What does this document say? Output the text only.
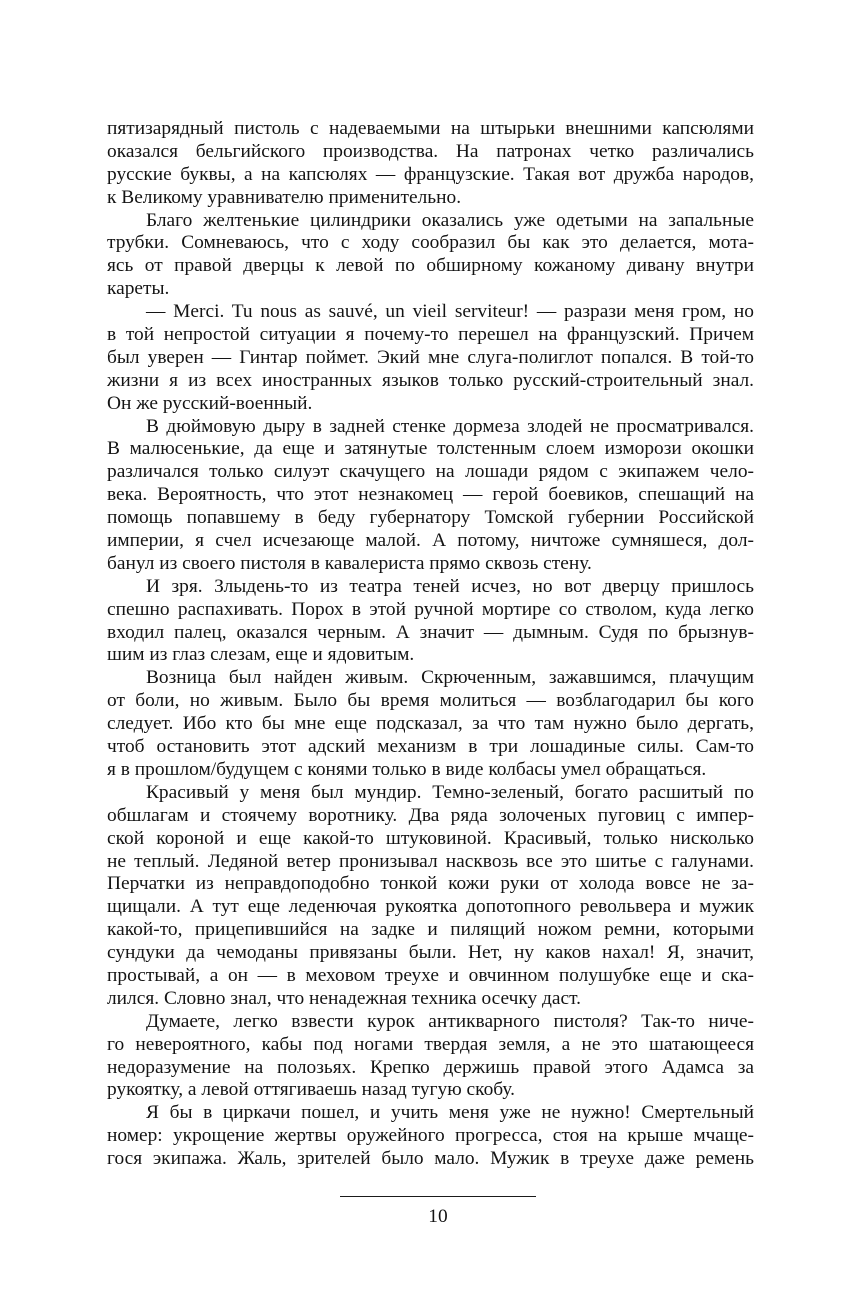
пятизарядный пистоль с надеваемыми на штырьки внешними капсюлями
оказался бельгийского производства. На патронах четко различались
русские буквы, а на капсюлях — французские. Такая вот дружба народов,
к Великому уравнивателю применительно.
Благо желтенькие цилиндрики оказались уже одетыми на запальные
трубки. Сомневаюсь, что с ходу сообразил бы как это делается, мота-
ясь от правой дверцы к левой по обширному кожаному дивану внутри
кареты.
— Merci. Tu nous as sauvé, un vieil serviteur! — разрази меня гром, но
в той непростой ситуации я почему-то перешел на французский. Причем
был уверен — Гинтар поймет. Экий мне слуга-полиглот попался. В той-то
жизни я из всех иностранных языков только русский-строительный знал.
Он же русский-военный.
В дюймовую дыру в задней стенке дормеза злодей не просматривался.
В малюсенькие, да еще и затянутые толстенным слоем изморози окошки
различался только силуэт скачущего на лошади рядом с экипажем чело-
века. Вероятность, что этот незнакомец — герой боевиков, спешащий на
помощь попавшему в беду губернатору Томской губернии Российской
империи, я счел исчезающе малой. А потому, ничтоже сумняшеся, дол-
банул из своего пистоля в кавалериста прямо сквозь стену.
И зря. Злыдень-то из театра теней исчез, но вот дверцу пришлось
спешно распахивать. Порох в этой ручной мортире со стволом, куда легко
входил палец, оказался черным. А значит — дымным. Судя по брызнув-
шим из глаз слезам, еще и ядовитым.
Возница был найден живым. Скрюченным, зажавшимся, плачущим
от боли, но живым. Было бы время молиться — возблагодарил бы кого
следует. Ибо кто бы мне еще подсказал, за что там нужно было дергать,
чтоб остановить этот адский механизм в три лошадиные силы. Сам-то
я в прошлом/будущем с конями только в виде колбасы умел обращаться.
Красивый у меня был мундир. Темно-зеленый, богато расшитый по
обшлагам и стоячему воротнику. Два ряда золоченых пуговиц с импер-
ской короной и еще какой-то штуковиной. Красивый, только нисколько
не теплый. Ледяной ветер пронизывал насквозь все это шитье с галунами.
Перчатки из неправдоподобно тонкой кожи руки от холода вовсе не за-
щищали. А тут еще леденючая рукоятка допотопного револьвера и мужик
какой-то, прицепившийся на задке и пилящий ножом ремни, которыми
сундуки да чемоданы привязаны были. Нет, ну каков нахал! Я, значит,
простывай, а он — в меховом треухе и овчинном полушубке еще и ска-
лился. Словно знал, что ненадежная техника осечку даст.
Думаете, легко взвести курок антикварного пистоля? Так-то ниче-
го невероятного, кабы под ногами твердая земля, а не это шатающееся
недоразумение на полозьях. Крепко держишь правой этого Адамса за
рукоятку, а левой оттягиваешь назад тугую скобу.
Я бы в циркачи пошел, и учить меня уже не нужно! Смертельный
номер: укрощение жертвы оружейного прогресса, стоя на крыше мчаще-
гося экипажа. Жаль, зрителей было мало. Мужик в треухе даже ремень
10
